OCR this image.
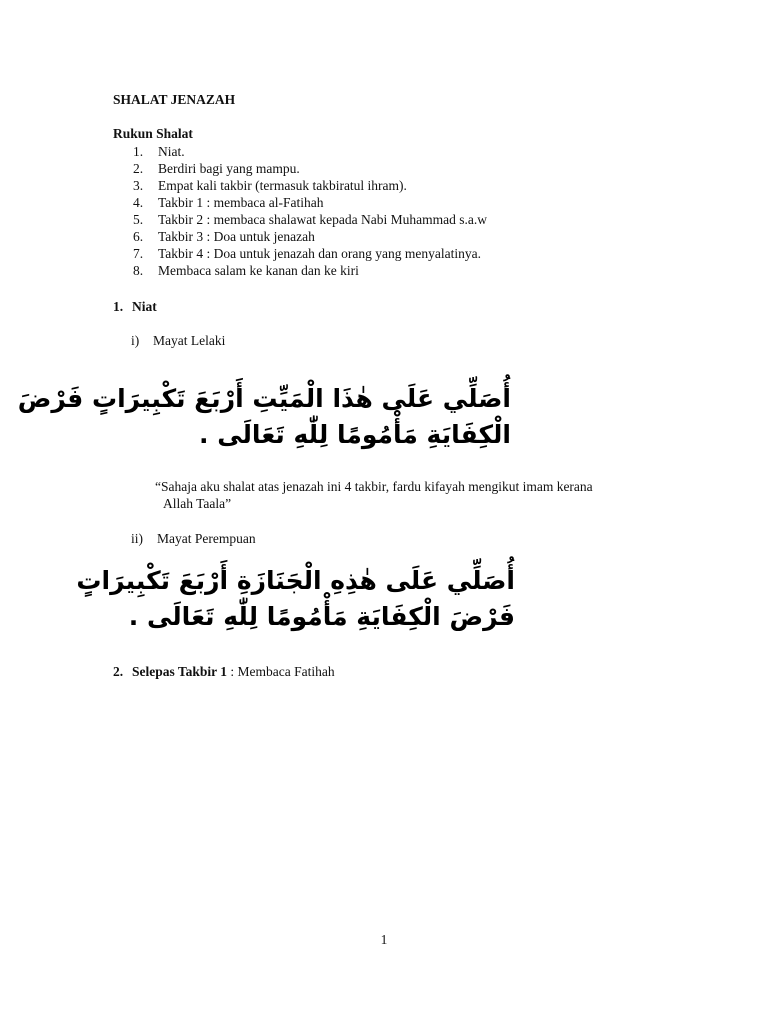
SHALAT JENAZAH
Rukun Shalat
1.	Niat.
2.	Berdiri bagi yang mampu.
3.	Empat kali takbir (termasuk takbiratul ihram).
4.	Takbir 1 : membaca al-Fatihah
5.	Takbir 2 : membaca shalawat kepada Nabi Muhammad s.a.w
6.	Takbir 3 : Doa untuk jenazah
7.	Takbir 4 : Doa untuk jenazah dan orang yang menyalatinya.
8.	Membaca salam ke kanan dan ke kiri
1. Niat
i) Mayat Lelaki
أُصَلِّي عَلَى هٰذَا الْمَيِّتِ أَرْبَعَ تَكْبِيرَاتٍ فَرْضَ
الْكِفَايَةِ مَأْمُومًا لِلّٰهِ تَعَالَى .
“Sahaja aku shalat atas jenazah ini 4 takbir, fardu kifayah mengikut imam kerana
Allah Taala”
ii) Mayat Perempuan
أُصَلِّي عَلَى هٰذِهِ الْجَنَازَةِ أَرْبَعَ تَكْبِيرَاتٍ
فَرْضَ الْكِفَايَةِ مَأْمُومًا لِلّٰهِ تَعَالَى .
2. Selepas Takbir 1 : Membaca Fatihah
1
